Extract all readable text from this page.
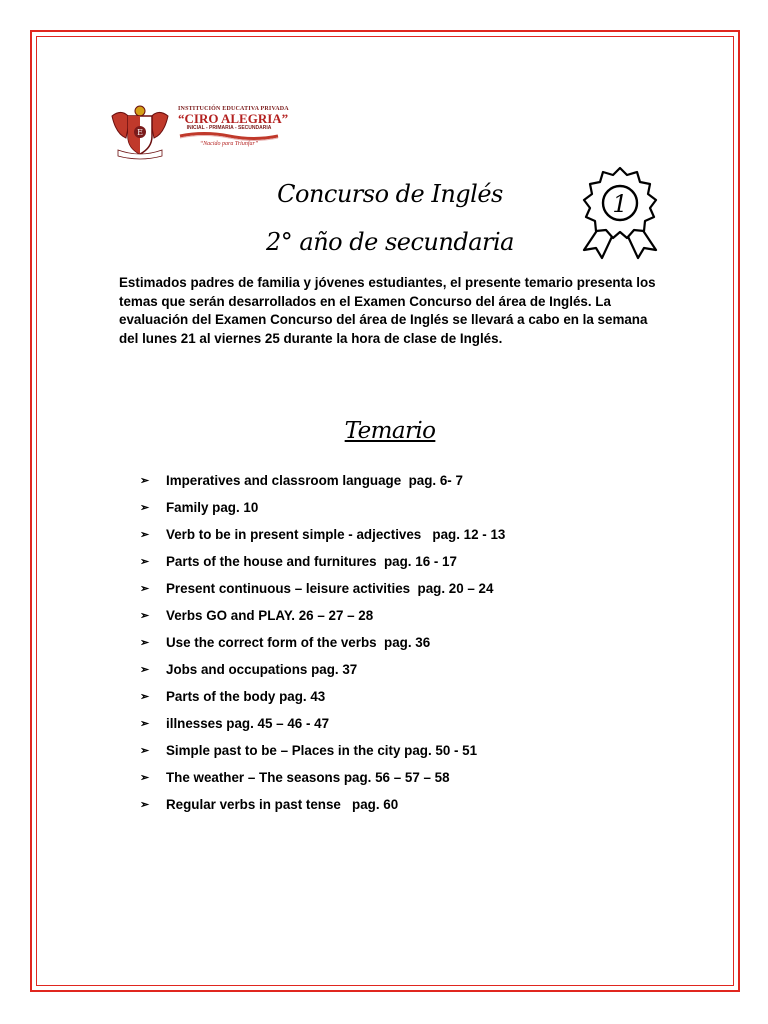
E
INSTITUCIÓN EDUCATIVA PRIVADA
“CIRO ALEGRIA”
INICIAL - PRIMARIA - SECUNDARIA
“Nacido para Triunfar”
Concurso de Inglés
2° año de secundaria
1
Estimados padres de familia y jóvenes estudiantes, el presente temario presenta los temas que serán desarrollados en el Examen Concurso del área de Inglés. La evaluación del Examen Concurso del área de Inglés se llevará a cabo en la semana del lunes 21 al viernes 25 durante la hora de clase de Inglés.
Temario
➢	Imperatives and classroom language  pag. 6- 7
➢	Family pag. 10
➢	Verb to be in present simple - adjectives   pag. 12 - 13
➢	Parts of the house and furnitures  pag. 16 - 17
➢	Present continuous – leisure activities  pag. 20 – 24
➢	Verbs GO and PLAY. 26 – 27 – 28
➢	Use the correct form of the verbs  pag. 36
➢	Jobs and occupations pag. 37
➢	Parts of the body pag. 43
➢	illnesses pag. 45 – 46 - 47
➢	Simple past to be – Places in the city pag. 50 - 51
➢	The weather – The seasons pag. 56 – 57 – 58
➢	Regular verbs in past tense   pag. 60
